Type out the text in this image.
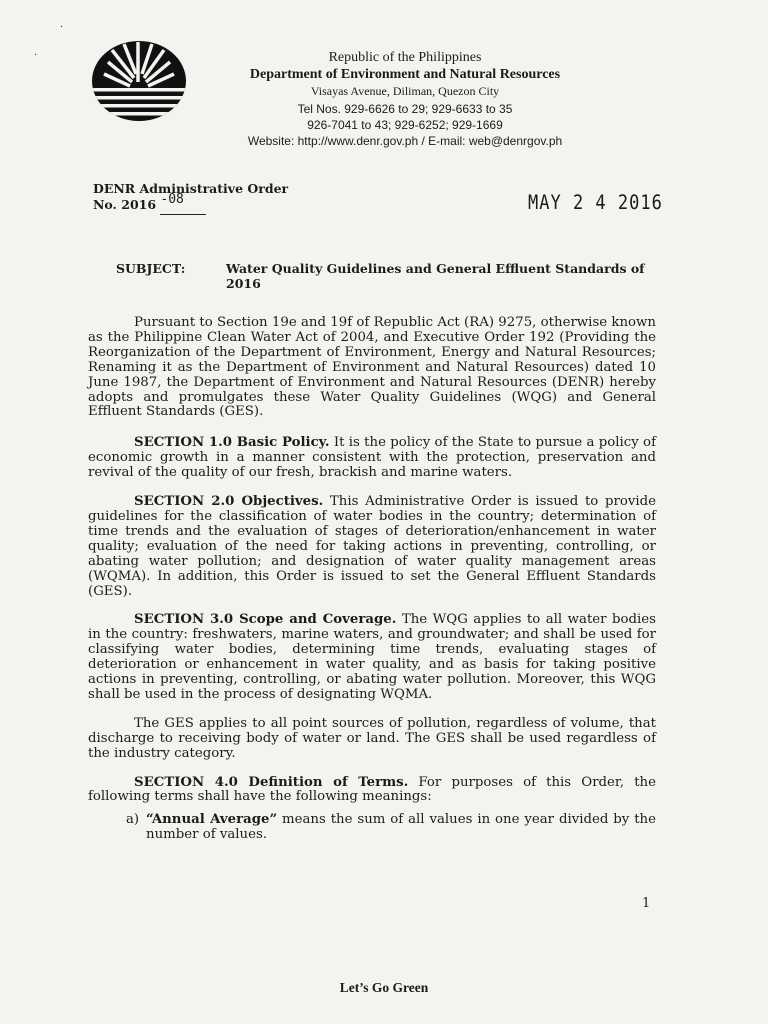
·
·	Republic of the Philippines
Department of Environment and Natural Resources
Visayas Avenue, Diliman, Quezon City
Tel Nos. 929-6626 to 29; 929-6633 to 35
926-7041 to 43; 929-6252; 929-1669
Website: http://www.denr.gov.ph / E-mail: web@denrgov.ph
DENR Administrative Order
No. 2016 -08	MAY 2 4 2016
SUBJECT:	Water Quality Guidelines and General Effluent Standards of 2016

Pursuant to Section 19e and 19f of Republic Act (RA) 9275, otherwise known as the Philippine Clean Water Act of 2004, and Executive Order 192 (Providing the Reorganization of the Department of Environment, Energy and Natural Resources; Renaming it as the Department of Environment and Natural Resources) dated 10 June 1987, the Department of Environment and Natural Resources (DENR) hereby adopts and promulgates these Water Quality Guidelines (WQG) and General Effluent Standards (GES).

SECTION 1.0 Basic Policy. It is the policy of the State to pursue a policy of economic growth in a manner consistent with the protection, preservation and revival of the quality of our fresh, brackish and marine waters.

SECTION 2.0 Objectives. This Administrative Order is issued to provide guidelines for the classification of water bodies in the country; determination of time trends and the evaluation of stages of deterioration/enhancement in water quality; evaluation of the need for taking actions in preventing, controlling, or abating water pollution; and designation of water quality management areas (WQMA). In addition, this Order is issued to set the General Effluent Standards (GES).

SECTION 3.0 Scope and Coverage. The WQG applies to all water bodies in the country: freshwaters, marine waters, and groundwater; and shall be used for classifying water bodies, determining time trends, evaluating stages of deterioration or enhancement in water quality, and as basis for taking positive actions in preventing, controlling, or abating water pollution. Moreover, this WQG shall be used in the process of designating WQMA.

The GES applies to all point sources of pollution, regardless of volume, that discharge to receiving body of water or land. The GES shall be used regardless of the industry category.

SECTION 4.0 Definition of Terms. For purposes of this Order, the following terms shall have the following meanings:

a) “Annual Average” means the sum of all values in one year divided by the number of values.
1
Let’s Go Green
